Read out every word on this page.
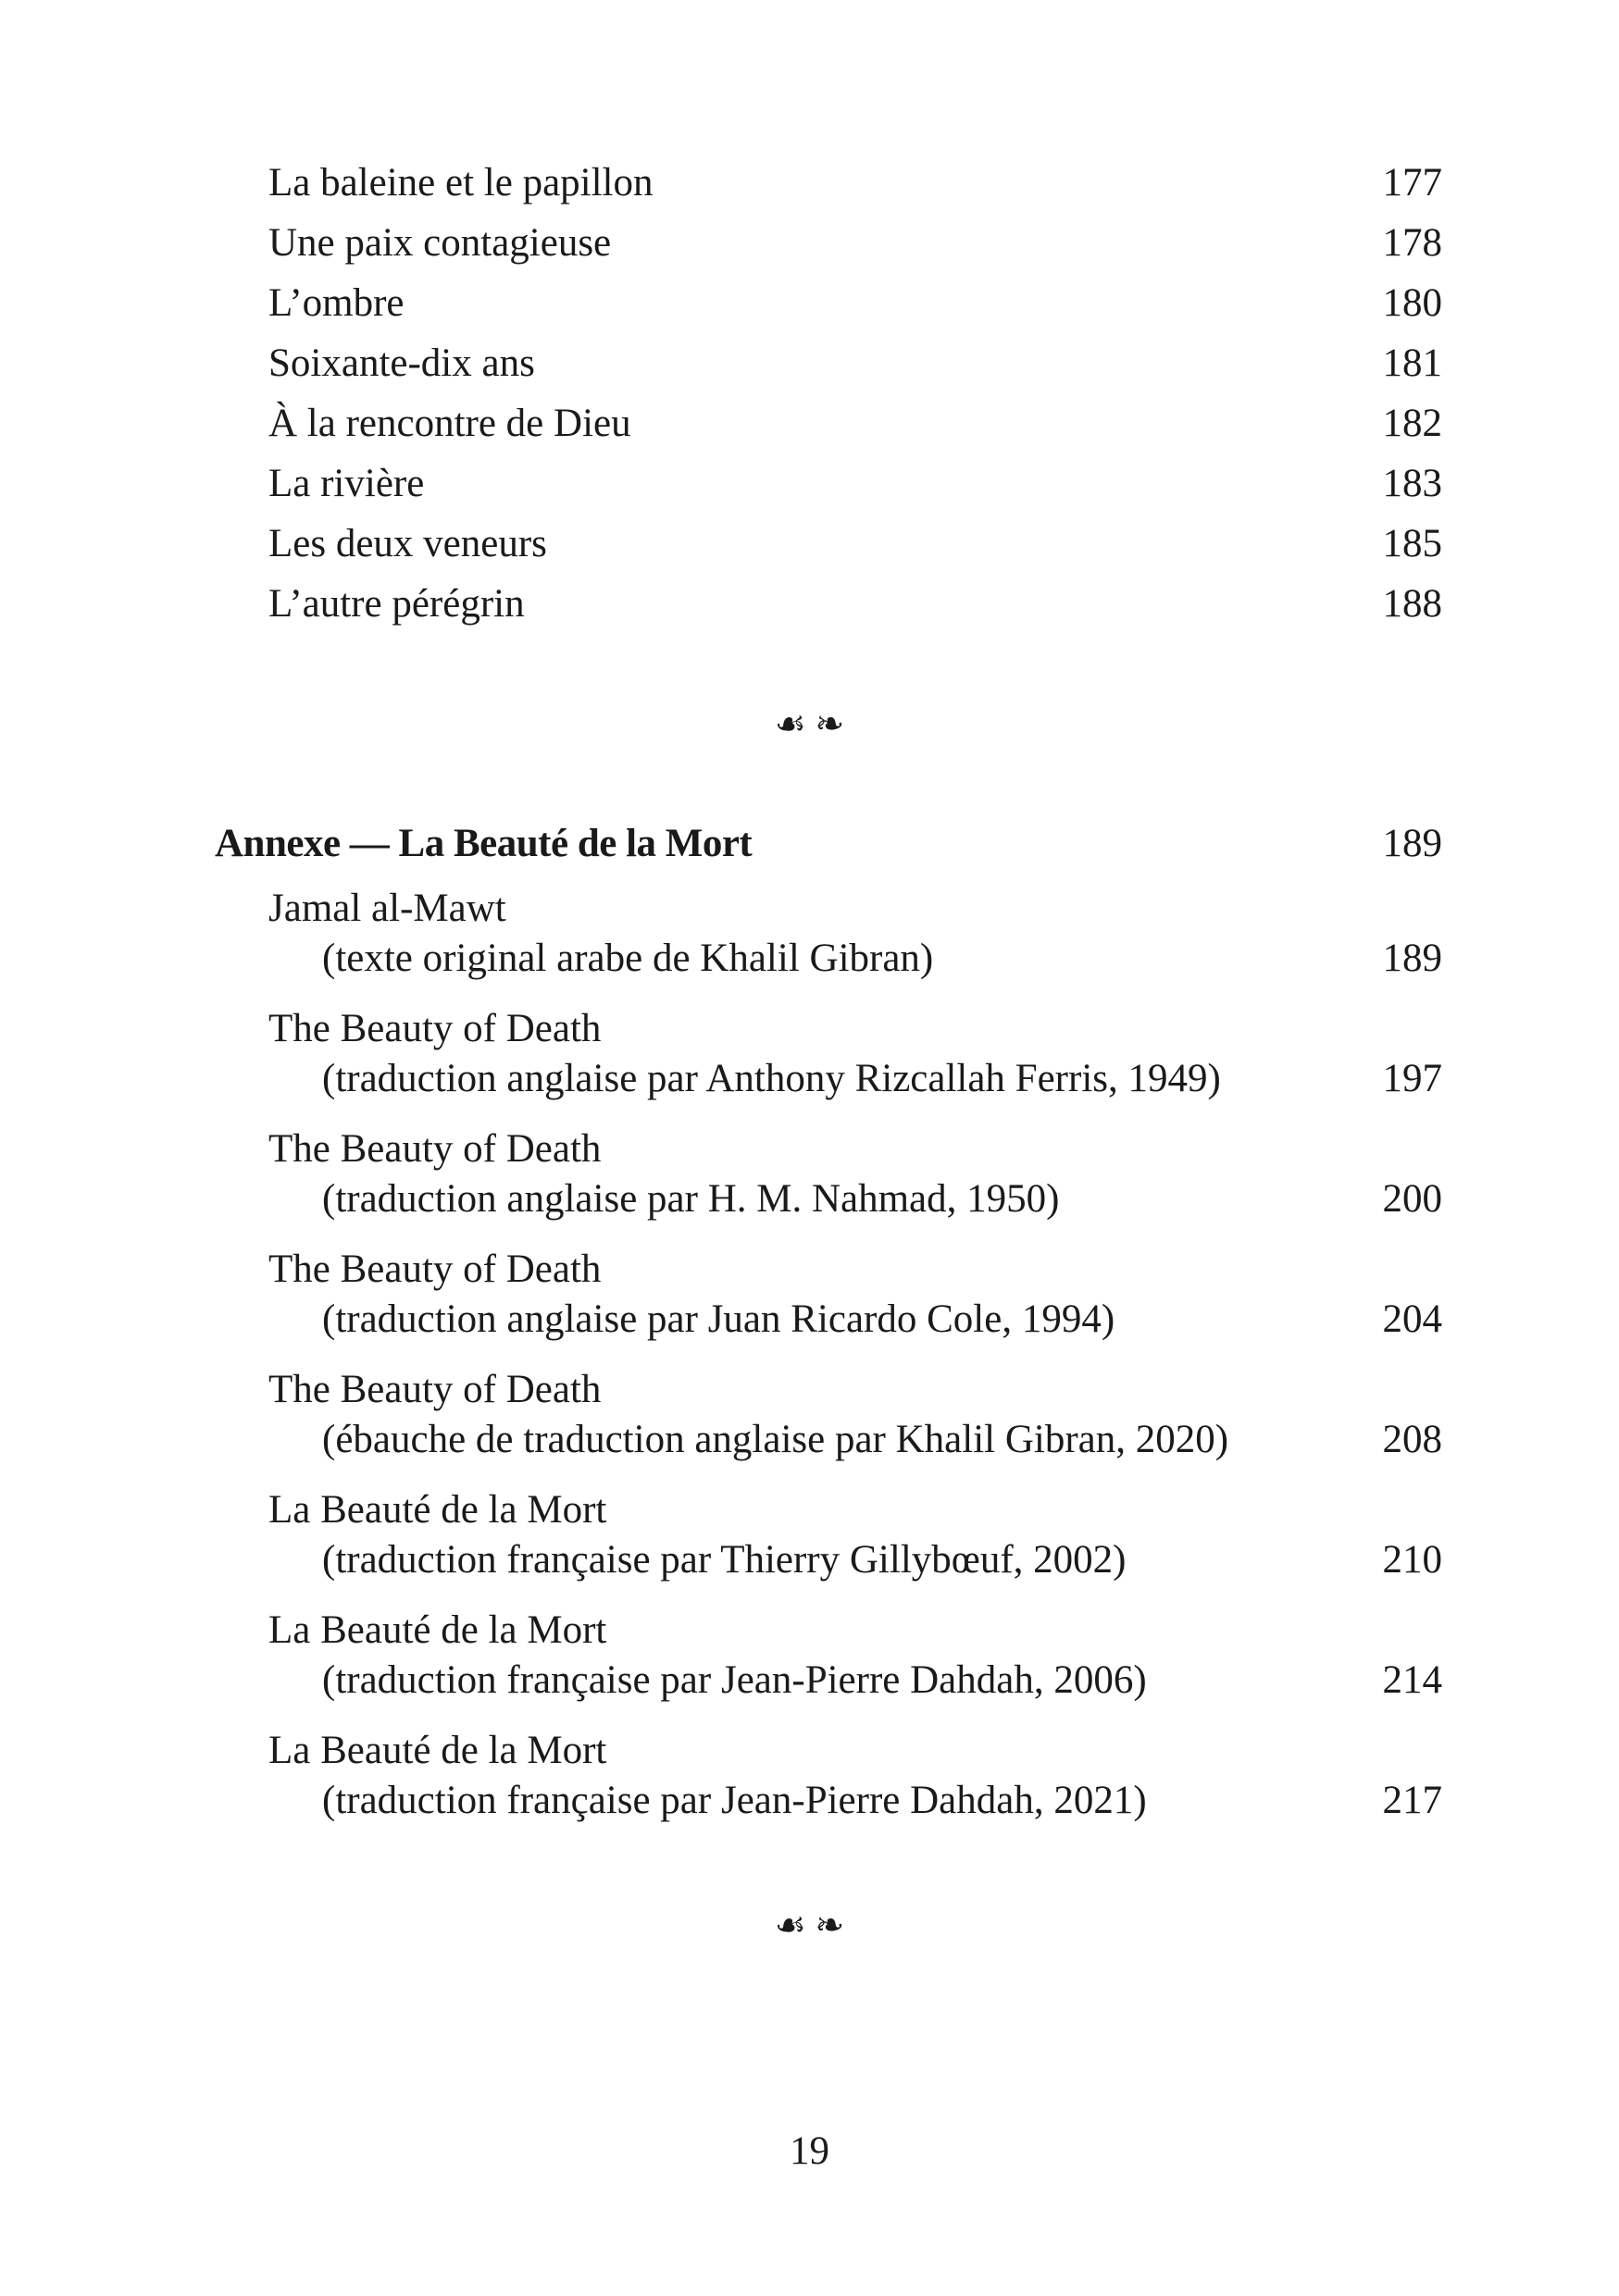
La baleine et le papillon	177
Une paix contagieuse	178
L’ombre	180
Soixante-dix ans	181
À la rencontre de Dieu	182
La rivière	183
Les deux veneurs	185
L’autre pérégrin	188
☙ ❧
Annexe — La Beauté de la Mort	189
Jamal al-Mawt
(texte original arabe de Khalil Gibran)	189
The Beauty of Death
(traduction anglaise par Anthony Rizcallah Ferris, 1949)	197
The Beauty of Death
(traduction anglaise par H. M. Nahmad, 1950)	200
The Beauty of Death
(traduction anglaise par Juan Ricardo Cole, 1994)	204
The Beauty of Death
(ébauche de traduction anglaise par Khalil Gibran, 2020)	208
La Beauté de la Mort
(traduction française par Thierry Gillybœuf, 2002)	210
La Beauté de la Mort
(traduction française par Jean-Pierre Dahdah, 2006)	214
La Beauté de la Mort
(traduction française par Jean-Pierre Dahdah, 2021)	217
☙ ❧
19
